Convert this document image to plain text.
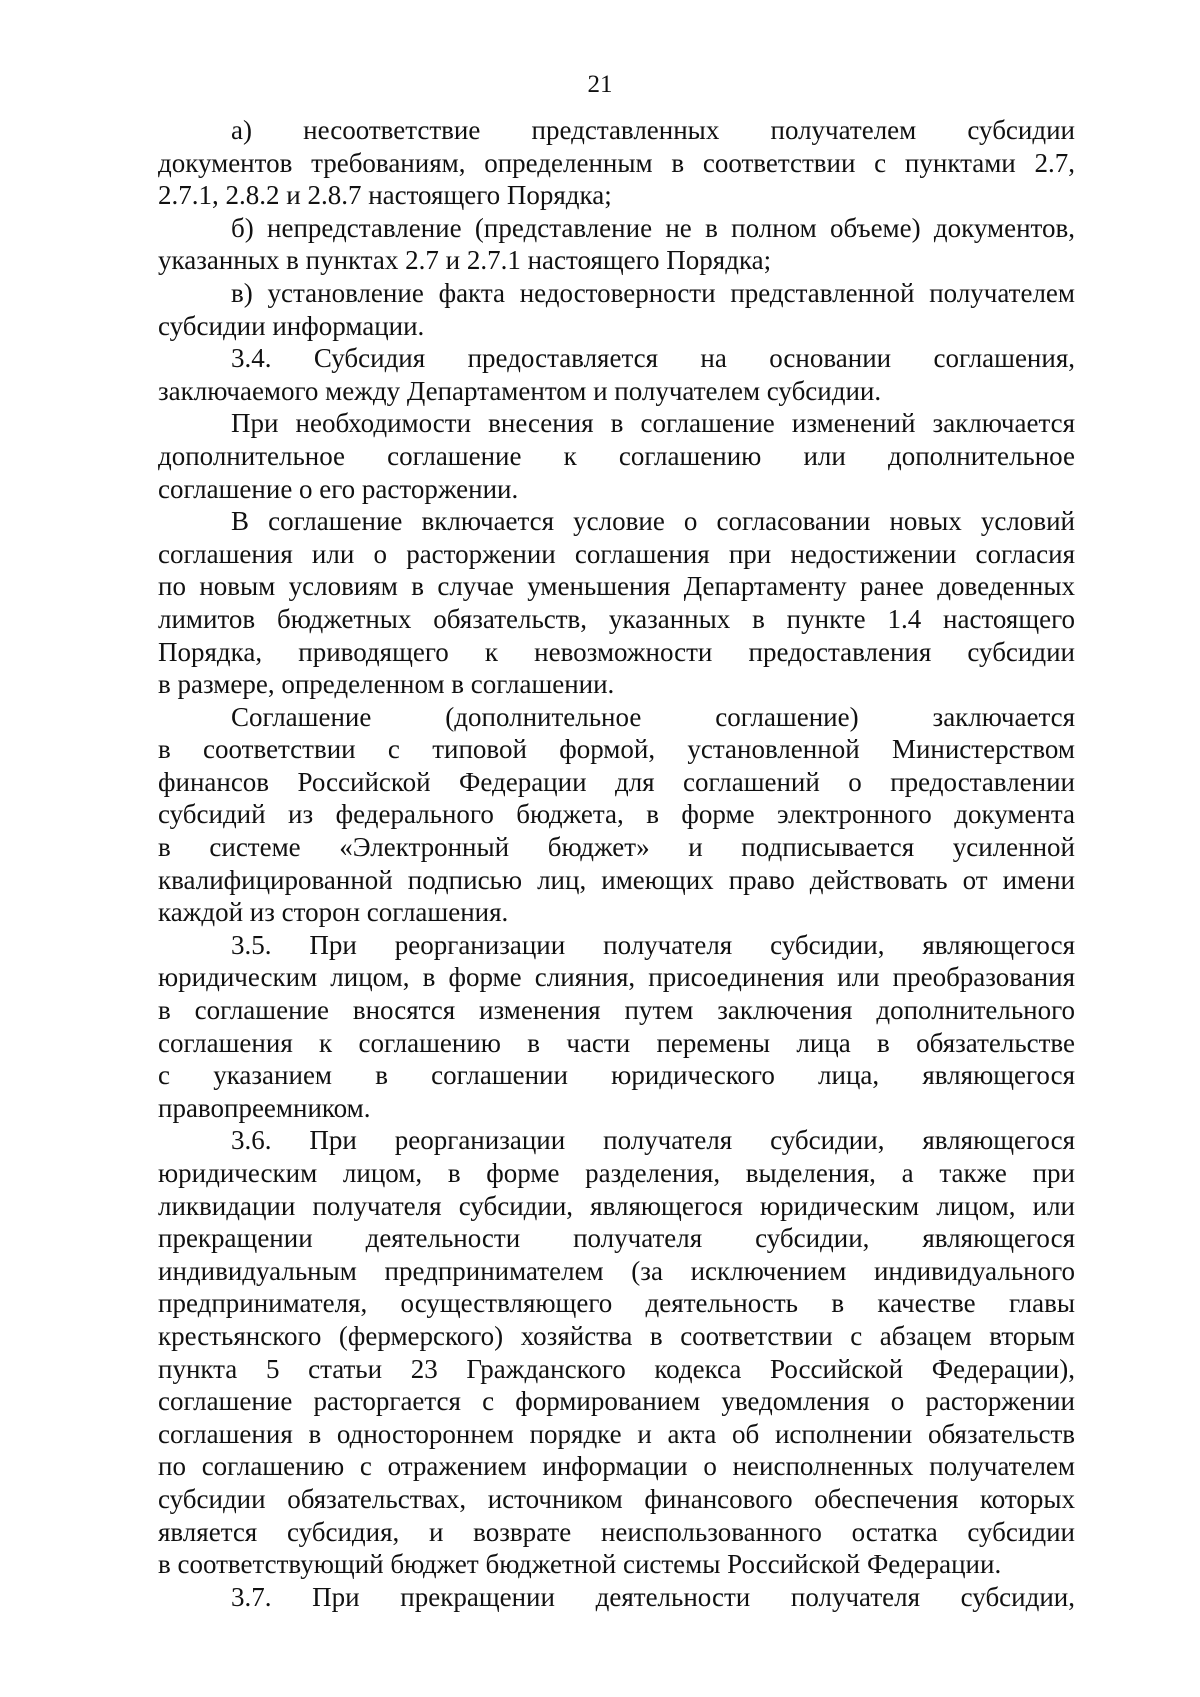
21
а) несоответствие представленных получателем субсидии
документов требованиям, определенным в соответствии с пунктами 2.7,
2.7.1, 2.8.2 и 2.8.7 настоящего Порядка;
б) непредставление (представление не в полном объеме) документов,
указанных в пунктах 2.7 и 2.7.1 настоящего Порядка;
в) установление факта недостоверности представленной получателем
субсидии информации.
3.4. Субсидия предоставляется на основании соглашения,
заключаемого между Департаментом и получателем субсидии.
При необходимости внесения в соглашение изменений заключается
дополнительное соглашение к соглашению или дополнительное
соглашение о его расторжении.
В соглашение включается условие о согласовании новых условий
соглашения или о расторжении соглашения при недостижении согласия
по новым условиям в случае уменьшения Департаменту ранее доведенных
лимитов бюджетных обязательств, указанных в пункте 1.4 настоящего
Порядка, приводящего к невозможности предоставления субсидии
в размере, определенном в соглашении.
Соглашение (дополнительное соглашение) заключается
в соответствии с типовой формой, установленной Министерством
финансов Российской Федерации для соглашений о предоставлении
субсидий из федерального бюджета, в форме электронного документа
в системе «Электронный бюджет» и подписывается усиленной
квалифицированной подписью лиц, имеющих право действовать от имени
каждой из сторон соглашения.
3.5. При реорганизации получателя субсидии, являющегося
юридическим лицом, в форме слияния, присоединения или преобразования
в соглашение вносятся изменения путем заключения дополнительного
соглашения к соглашению в части перемены лица в обязательстве
с указанием в соглашении юридического лица, являющегося
правопреемником.
3.6. При реорганизации получателя субсидии, являющегося
юридическим лицом, в форме разделения, выделения, а также при
ликвидации получателя субсидии, являющегося юридическим лицом, или
прекращении деятельности получателя субсидии, являющегося
индивидуальным предпринимателем (за исключением индивидуального
предпринимателя, осуществляющего деятельность в качестве главы
крестьянского (фермерского) хозяйства в соответствии с абзацем вторым
пункта 5 статьи 23 Гражданского кодекса Российской Федерации),
соглашение расторгается с формированием уведомления о расторжении
соглашения в одностороннем порядке и акта об исполнении обязательств
по соглашению с отражением информации о неисполненных получателем
субсидии обязательствах, источником финансового обеспечения которых
является субсидия, и возврате неиспользованного остатка субсидии
в соответствующий бюджет бюджетной системы Российской Федерации.
3.7. При прекращении деятельности получателя субсидии,
